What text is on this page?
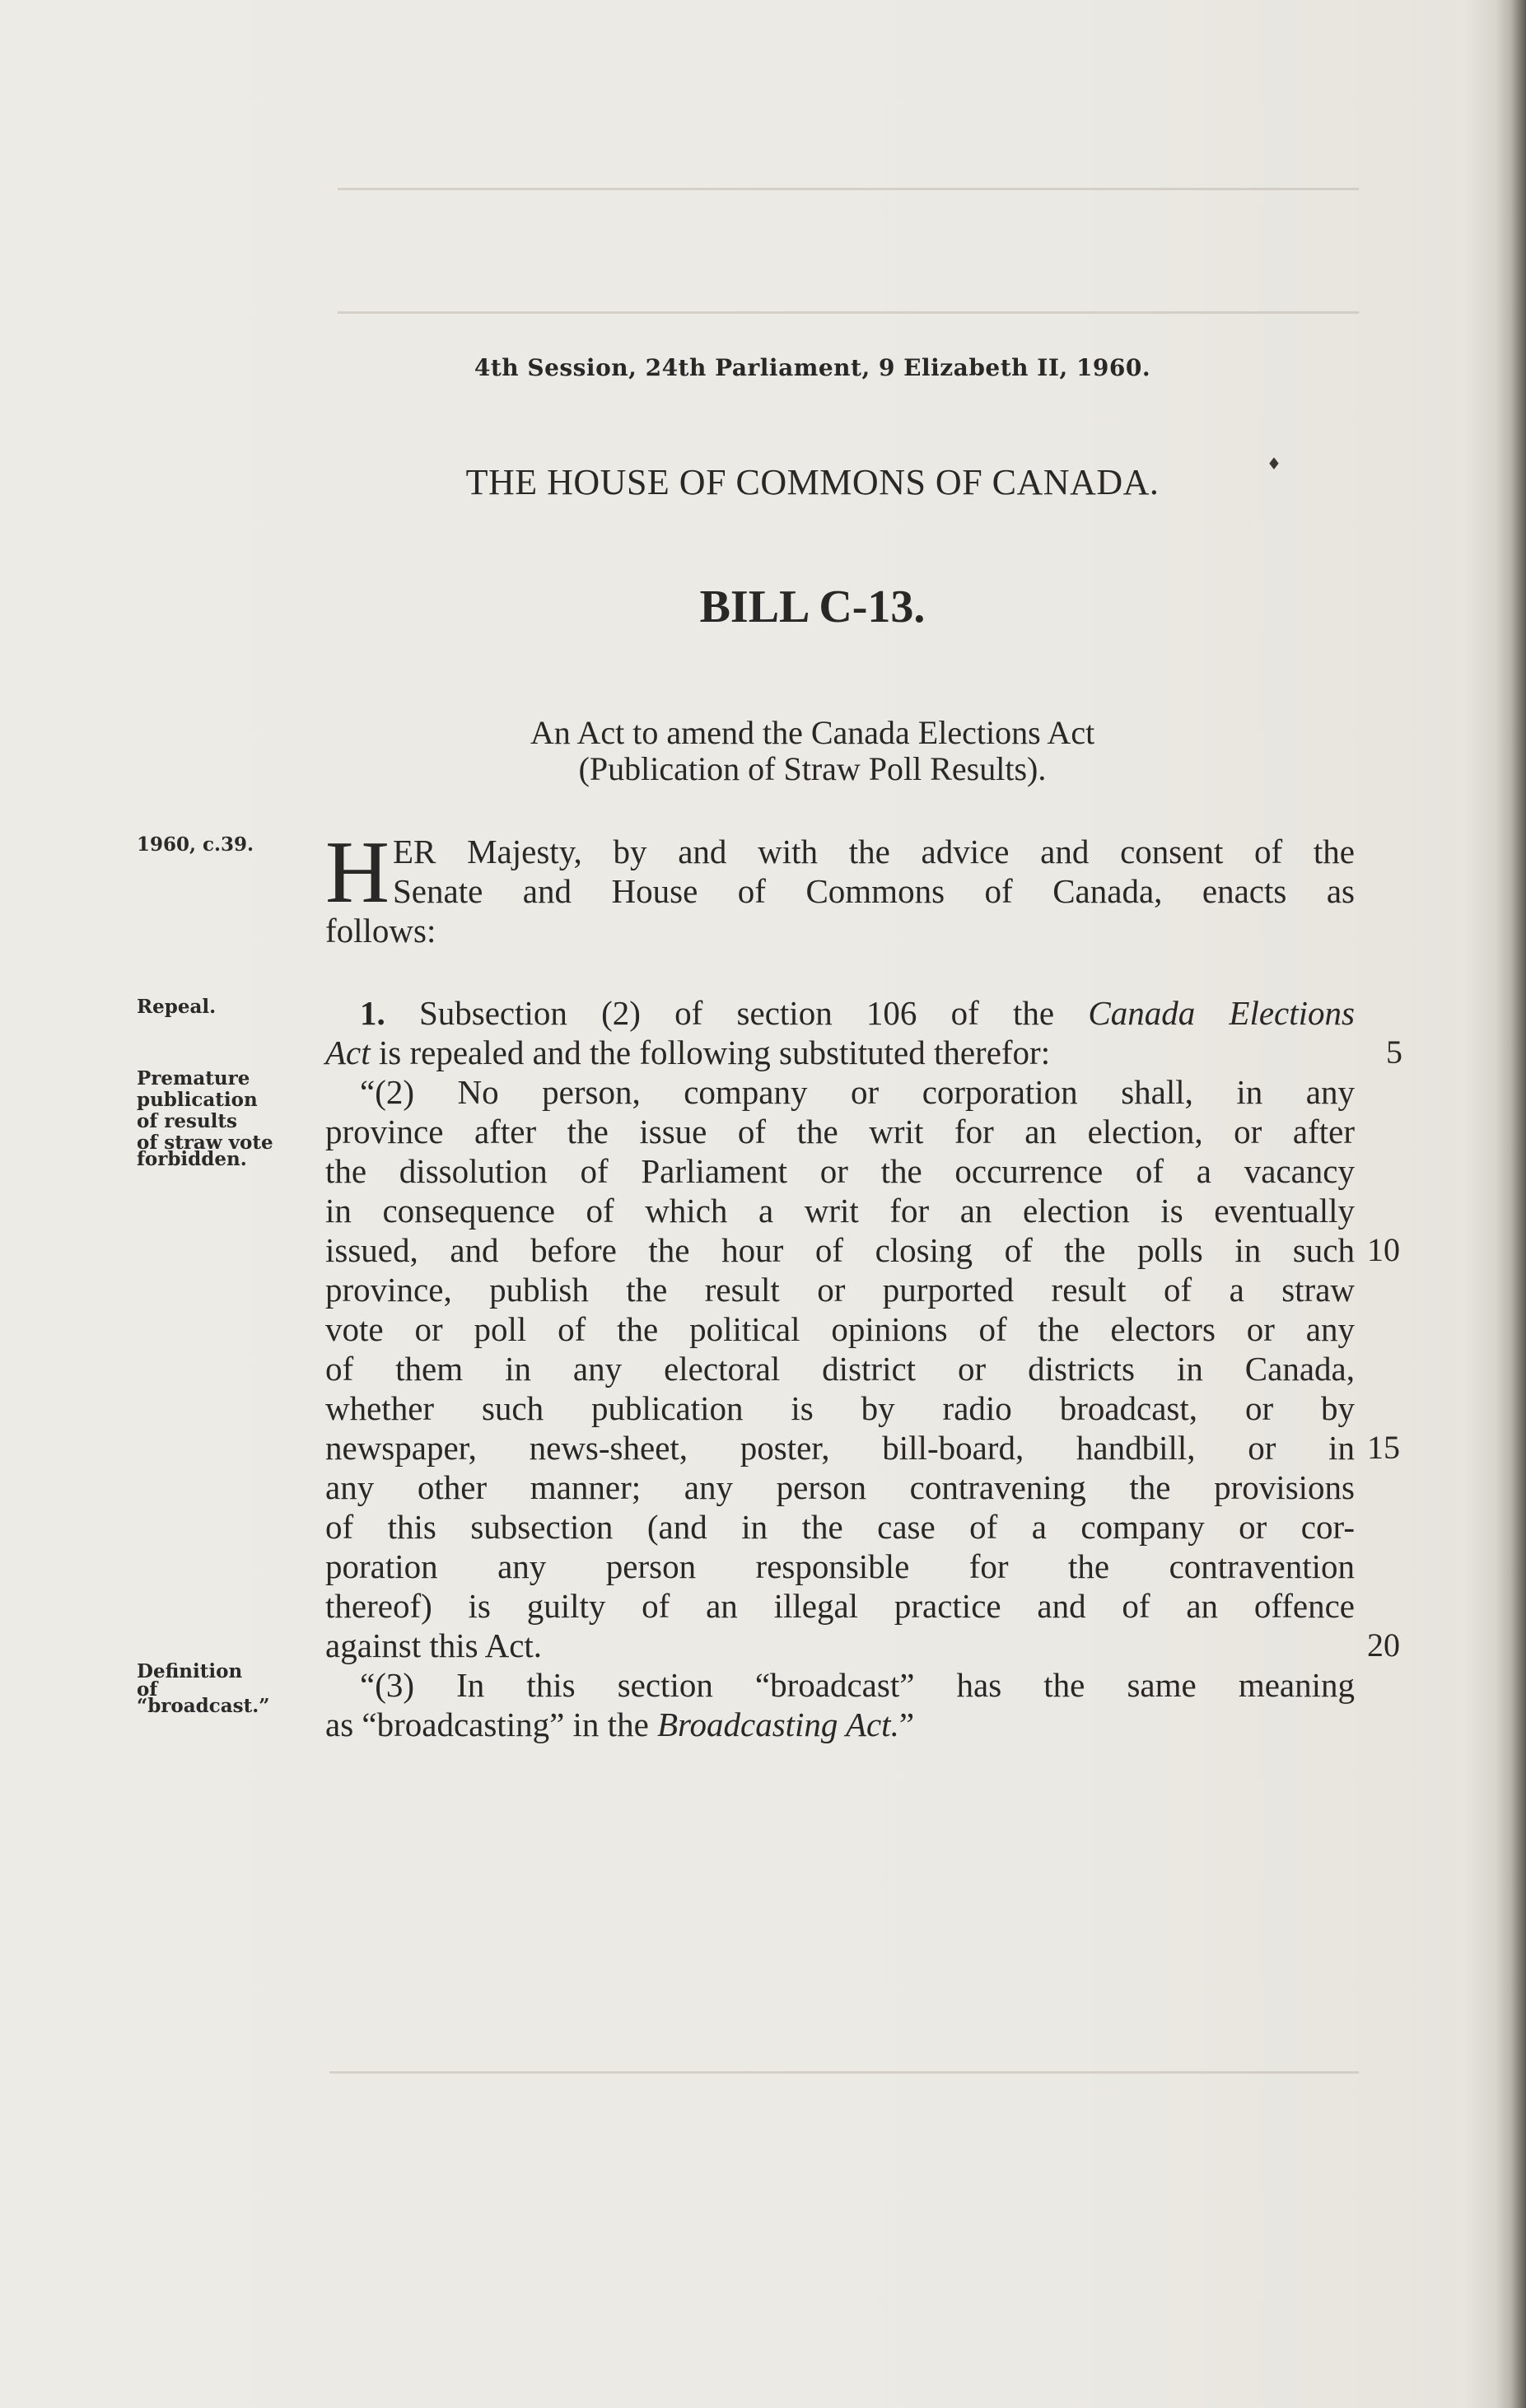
♦
4th Session, 24th Parliament, 9 Elizabeth II, 1960.
THE HOUSE OF COMMONS OF CANADA.
BILL C-13.
An Act to amend the Canada Elections Act
(Publication of Straw Poll Results).
1960, c.39.
Repeal.
Premature
publication
of results
of straw vote
forbidden.
Definition
of
“broadcast.”
H ER Majesty, by and with the advice and consent of the
Senate and House of Commons of Canada, enacts as
follows:
1. Subsection (2) of section 106 of the Canada Elections
Act is repealed and the following substituted therefor:
“(2) No person, company or corporation shall, in any
province after the issue of the writ for an election, or after
the dissolution of Parliament or the occurrence of a vacancy
in consequence of which a writ for an election is eventually
issued, and before the hour of closing of the polls in such
province, publish the result or purported result of a straw
vote or poll of the political opinions of the electors or any
of them in any electoral district or districts in Canada,
whether such publication is by radio broadcast, or by
newspaper, news-sheet, poster, bill-board, handbill, or in
any other manner; any person contravening the provisions
of this subsection (and in the case of a company or cor-
poration any person responsible for the contravention
thereof) is guilty of an illegal practice and of an offence
against this Act.
“(3) In this section “broadcast” has the same meaning
as “broadcasting” in the Broadcasting Act.”
5
10
15
20
